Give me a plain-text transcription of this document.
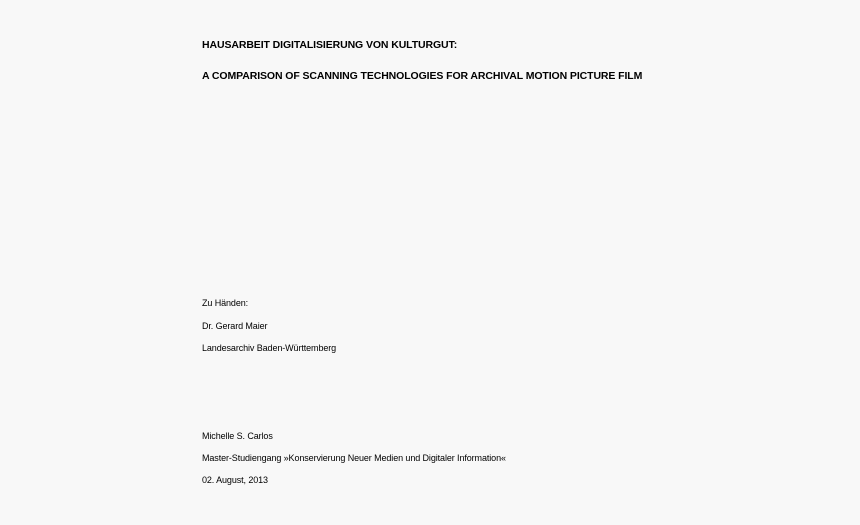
HAUSARBEIT DIGITALISIERUNG VON KULTURGUT:
A COMPARISON OF SCANNING TECHNOLOGIES FOR ARCHIVAL MOTION PICTURE FILM
Zu Händen:
Dr. Gerard Maier
Landesarchiv Baden-Württemberg
Michelle S. Carlos
Master-Studiengang »Konservierung Neuer Medien und Digitaler Information«
02. August, 2013
